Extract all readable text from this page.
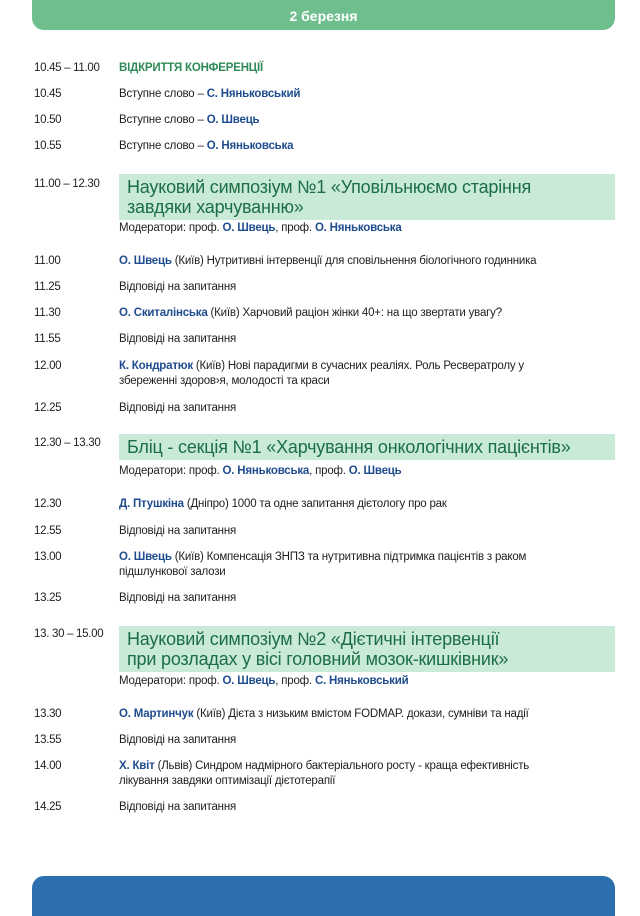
2 березня
10.45 – 11.00	ВІДКРИТТЯ КОНФЕРЕНЦІЇ
10.45	Вступне слово – С. Няньковський
10.50	Вступне слово – О. Швець
10.55	Вступне слово – О. Няньковська
11.00 – 12.30 Науковий симпозіум №1 «Уповільнюємо старіння
завдяки харчуванню»
Модератори: проф. О. Швець, проф. О. Няньковська
11.00	О. Швець (Київ) Нутритивні інтервенції для сповільнення біологічного годинника
11.25	Відповіді на запитання
11.30	О. Скиталінська (Київ) Харчовий раціон жінки 40+: на що звертати увагу?
11.55	Відповіді на запитання
12.00	К. Кондратюк (Київ) Нові парадигми в сучасних реаліях. Роль Ресвератролу у
збереженні здоров›я, молодості та краси
12.25	Відповіді на запитання
12.30 – 13.30 Бліц - секція №1 «Харчування онкологічних пацієнтів»
Модератори: проф. О. Няньковська, проф. О. Швець
12.30	Д. Птушкіна (Дніпро) 1000 та одне запитання дієтологу про рак
12.55	Відповіді на запитання
13.00	О. Швець (Київ) Компенсація ЗНПЗ та нутритивна підтримка пацієнтів з раком
підшлункової залози
13.25	Відповіді на запитання
13. 30 – 15.00 Науковий симпозіум №2 «Дієтичні інтервенції
при розладах у вісі головний мозок-кишківник»
Модератори: проф. О. Швець, проф. С. Няньковський
13.30	О. Мартинчук (Київ) Дієта з низьким вмістом FODMAP. докази, сумніви та надії
13.55	Відповіді на запитання
14.00	Х. Квіт (Львів) Синдром надмірного бактеріального росту - краща ефективність
лікування завдяки оптимізації дієтотерапії
14.25	Відповіді на запитання
